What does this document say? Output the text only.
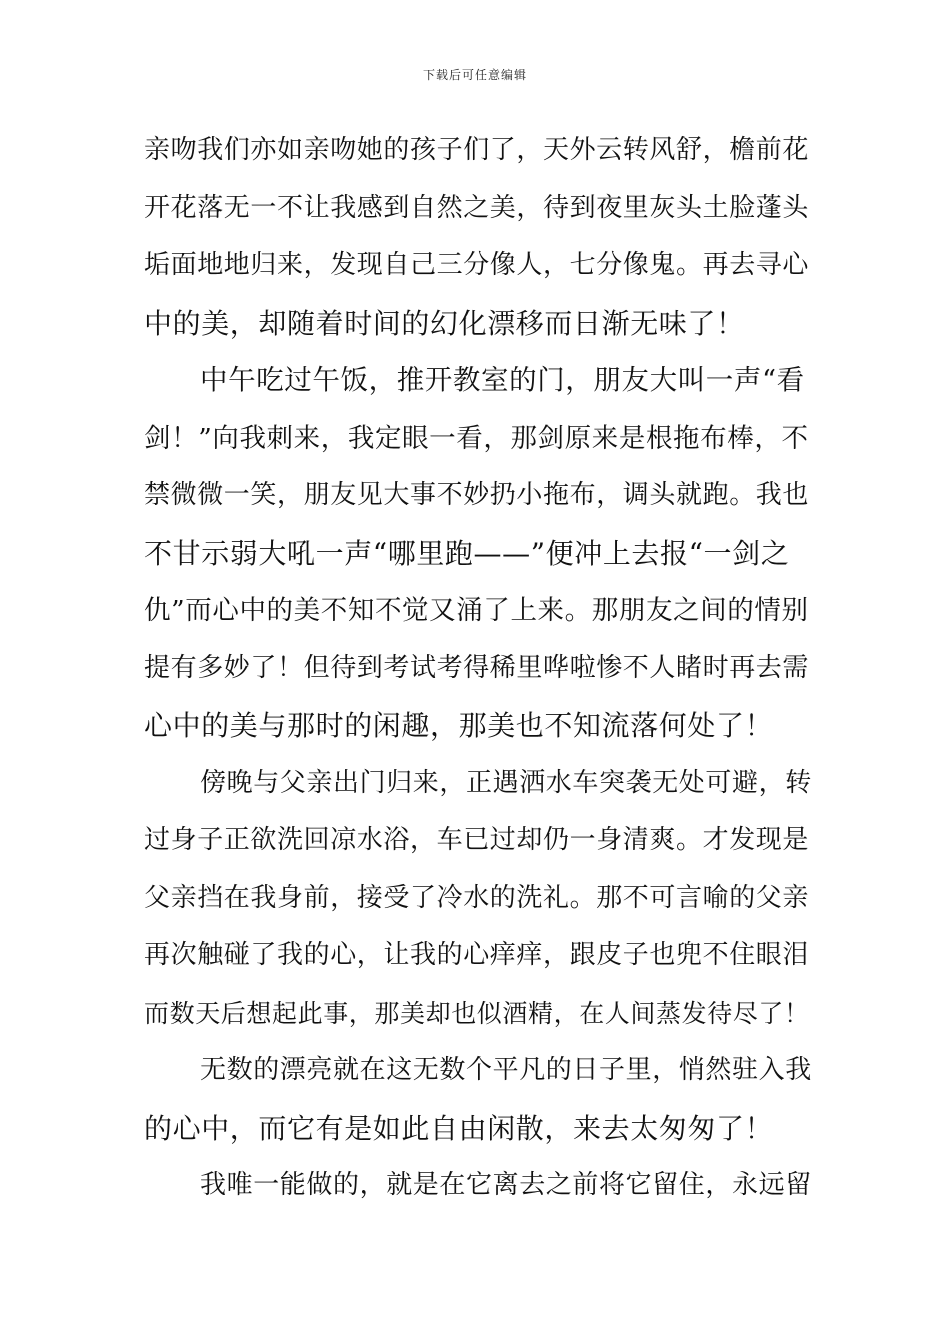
下载后可任意编辑
亲吻我们亦如亲吻她的孩子们了，天外云转风舒，檐前花
开花落无一不让我感到自然之美，待到夜里灰头土脸蓬头
垢面地地归来，发现自己三分像人，七分像鬼。再去寻心
中的美，却随着时间的幻化漂移而日渐无味了！
中午吃过午饭，推开教室的门，朋友大叫一声“看
剑！”向我刺来，我定眼一看，那剑原来是根拖布棒，不
禁微微一笑，朋友见大事不妙扔小拖布，调头就跑。我也
不甘示弱大吼一声“哪里跑——”便冲上去报“一剑之
仇”而心中的美不知不觉又涌了上来。那朋友之间的情别
提有多妙了！但待到考试考得稀里哗啦惨不人睹时再去需
心中的美与那时的闲趣，那美也不知流落何处了！
傍晚与父亲出门归来，正遇洒水车突袭无处可避，转
过身子正欲洗回凉水浴，车已过却仍一身清爽。才发现是
父亲挡在我身前，接受了冷水的洗礼。那不可言喻的父亲
再次触碰了我的心，让我的心痒痒，跟皮子也兜不住眼泪
而数天后想起此事，那美却也似酒精，在人间蒸发待尽了！
无数的漂亮就在这无数个平凡的日子里，悄然驻入我
的心中，而它有是如此自由闲散，来去太匆匆了！
我唯一能做的，就是在它离去之前将它留住，永远留
